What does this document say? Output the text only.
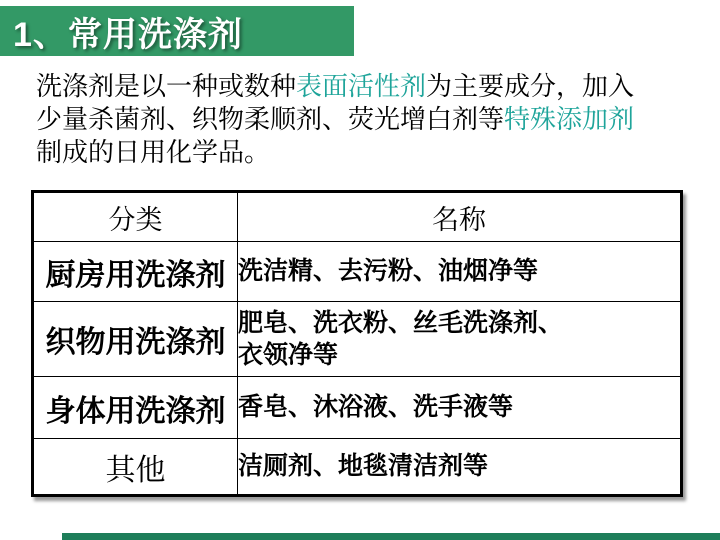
1、常用洗涤剂
洗涤剂是以一种或数种表面活性剂为主要成分，加入
少量杀菌剂、织物柔顺剂、荧光增白剂等特殊添加剂
制成的日用化学品。
分类	名称
厨房用洗涤剂	洗洁精、去污粉、油烟净等

织物用洗涤剂	肥皂、洗衣粉、丝毛洗涤剂、
衣领净等

身体用洗涤剂	香皂、沐浴液、洗手液等

其他	洁厕剂、地毯清洁剂等
